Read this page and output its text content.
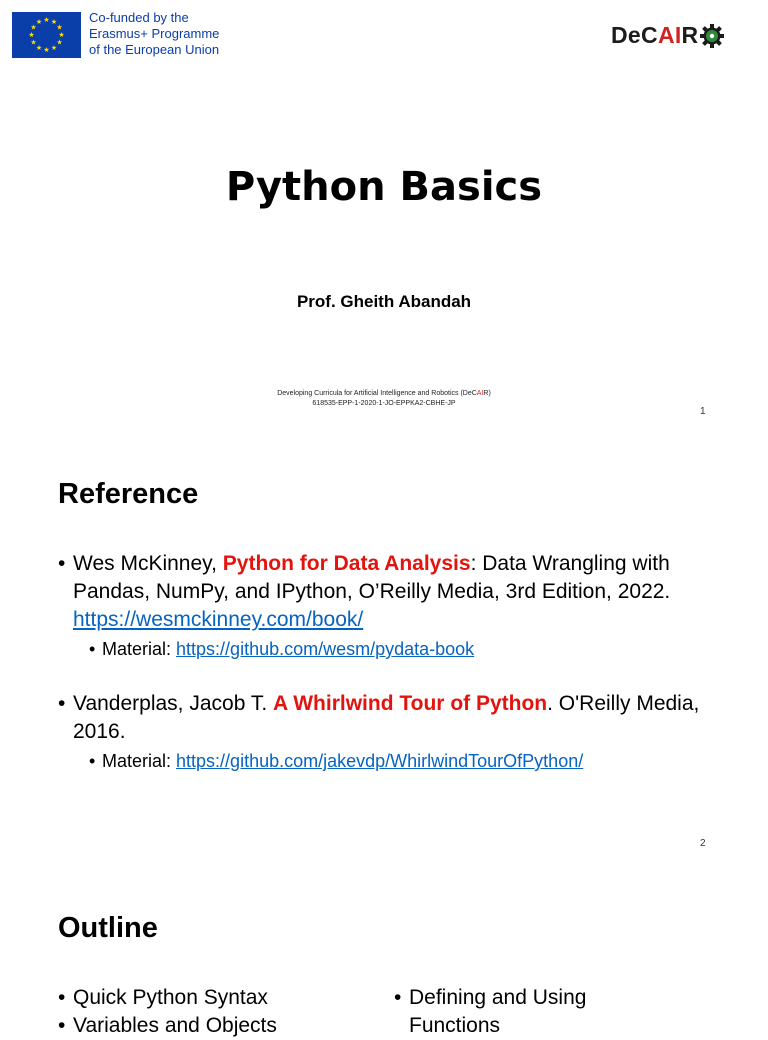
★ ★
★
★
★
★
★
★
★
★
★
★	Co-funded by the
Erasmus+ Programme
of the European Union
DeCAIR
Python Basics
Prof. Gheith Abandah
Developing Curricula for Artificial Intelligence and Robotics (DeCAIR)
618535-EPP-1-2020-1-JO-EPPKA2-CBHE-JP
1
Reference
• Wes McKinney, Python for Data Analysis: Data Wrangling with Pandas, NumPy, and IPython, O’Reilly Media, 3rd Edition, 2022. https://wesmckinney.com/book/
• Material: https://github.com/wesm/pydata-book
• Vanderplas, Jacob T. A Whirlwind Tour of Python. O'Reilly Media, 2016.
• Material: https://github.com/jakevdp/WhirlwindTourOfPython/
2
Outline
• Quick Python Syntax
• Variables and Objects
• Defining and Using Functions
